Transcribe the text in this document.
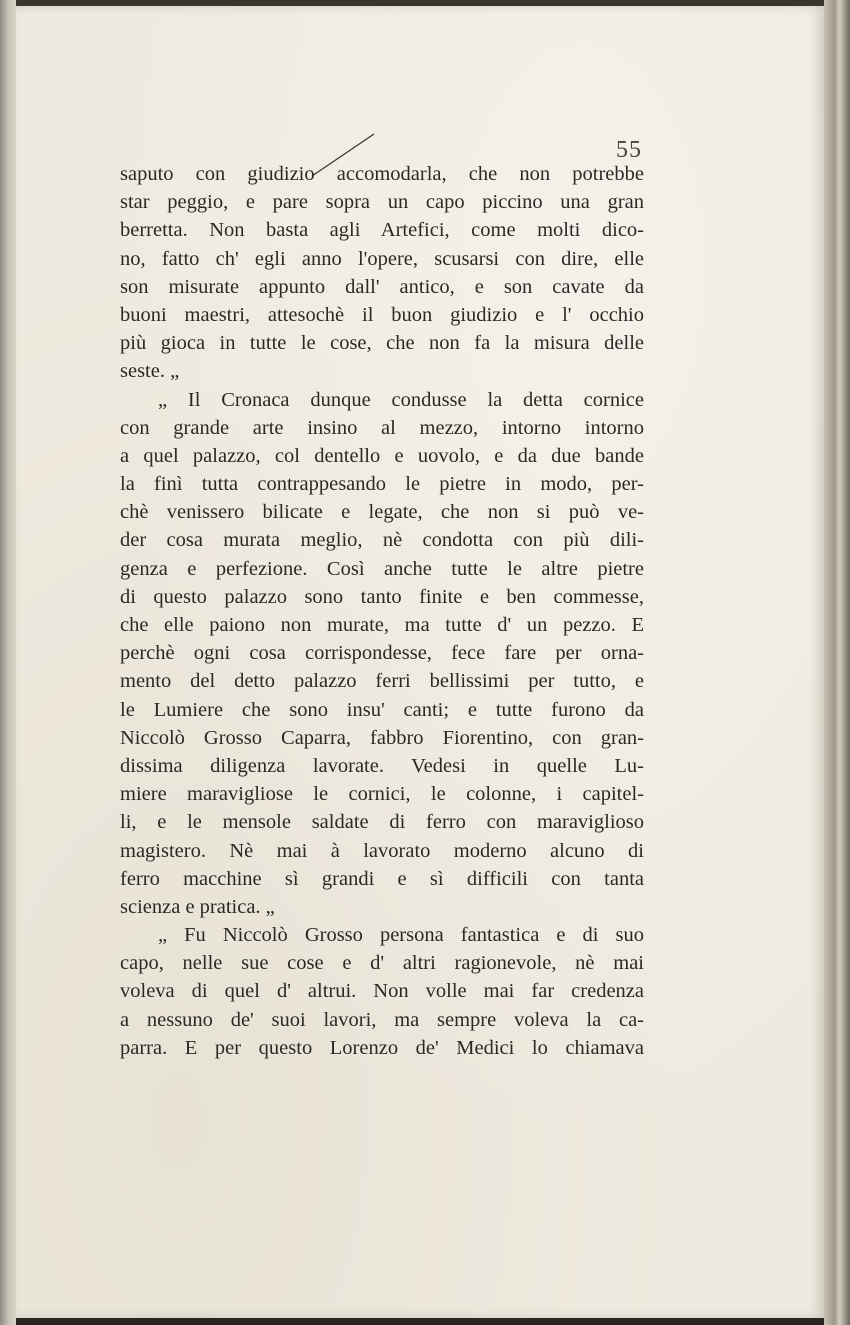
55
saputo con giudizio accomodarla, che non potrebbe
star peggio, e pare sopra un capo piccino una gran
berretta. Non basta agli Artefici, come molti dico-
no, fatto ch' egli anno l'opere, scusarsi con dire, elle
son misurate appunto dall' antico, e son cavate da
buoni maestri, attesochè il buon giudizio e l' occhio
più gioca in tutte le cose, che non fa la misura delle
seste. „
„ Il Cronaca dunque condusse la detta cornice
con grande arte insino al mezzo, intorno intorno
a quel palazzo, col dentello e uovolo, e da due bande
la finì tutta contrappesando le pietre in modo, per-
chè venissero bilicate e legate, che non si può ve-
der cosa murata meglio, nè condotta con più dili-
genza e perfezione. Così anche tutte le altre pietre
di questo palazzo sono tanto finite e ben commesse,
che elle paiono non murate, ma tutte d' un pezzo. E
perchè ogni cosa corrispondesse, fece fare per orna-
mento del detto palazzo ferri bellissimi per tutto, e
le Lumiere che sono insu' canti; e tutte furono da
Niccolò Grosso Caparra, fabbro Fiorentino, con gran-
dissima diligenza lavorate. Vedesi in quelle Lu-
miere maravigliose le cornici, le colonne, i capitel-
li, e le mensole saldate di ferro con maraviglioso
magistero. Nè mai à lavorato moderno alcuno di
ferro macchine sì grandi e sì difficili con tanta
scienza e pratica. „
„ Fu Niccolò Grosso persona fantastica e di suo
capo, nelle sue cose e d' altri ragionevole, nè mai
voleva di quel d' altrui. Non volle mai far credenza
a nessuno de' suoi lavori, ma sempre voleva la ca-
parra. E per questo Lorenzo de' Medici lo chiamava
